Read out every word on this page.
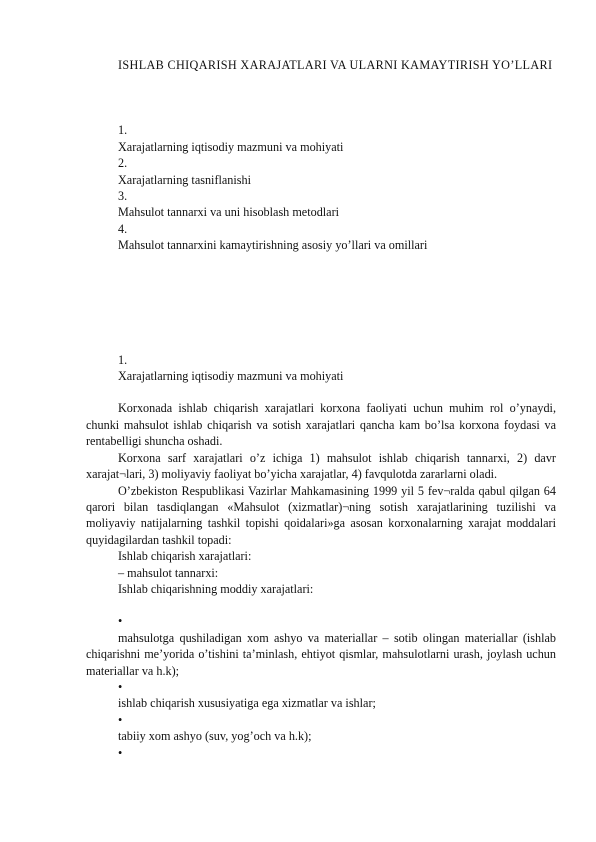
ISHLAB CHIQARISH XARAJATLARI VA ULARNI KAMAYTIRISH YO’LLARI

1.
Xarajatlarning iqtisodiy mazmuni va mohiyati
2.
Xarajatlarning tasniflanishi
3.
Mahsulot tannarxi va uni hisoblash metodlari
4.
Mahsulot tannarxini kamaytirishning asosiy yo’llari va omillari
1.
Xarajatlarning iqtisodiy mazmuni va mohiyati

Korxonada ishlab chiqarish xarajatlari korxona faoliyati uchun muhim rol o’ynaydi, chunki mahsulot ishlab chiqarish va sotish xarajatlari qancha kam bo’lsa korxona foydasi va rentabelligi shuncha oshadi.

Korxona sarf xarajatlari o’z ichiga 1) mahsulot ishlab chiqarish tannarxi, 2) davr xarajat¬lari, 3) moliyaviy faoliyat bo’yicha xarajatlar, 4) favqulotda zararlarni oladi.

O’zbekiston Respublikasi Vazirlar Mahkamasining 1999 yil 5 fev¬ralda qabul qilgan 64 qarori bilan tasdiqlangan «Mahsulot (xizmatlar)¬ning sotish xarajatlarining tuzilishi va moliyaviy natijalarning tashkil topishi qoidalari»ga asosan korxonalarning xarajat moddalari quyidagilardan tashkil topadi:

Ishlab chiqarish xarajatlari:
– mahsulot tannarxi:
Ishlab chiqarishning moddiy xarajatlari:
•

mahsulotga qushiladigan xom ashyo va materiallar – sotib olingan materiallar (ishlab chiqarishni me’yorida o’tishini ta’minlash, ehtiyot qismlar, mahsulotlarni urash, joylash uchun materiallar va h.k);

•
ishlab chiqarish xususiyatiga ega xizmatlar va ishlar;
•
tabiiy xom ashyo (suv, yog’och va h.k);
•
